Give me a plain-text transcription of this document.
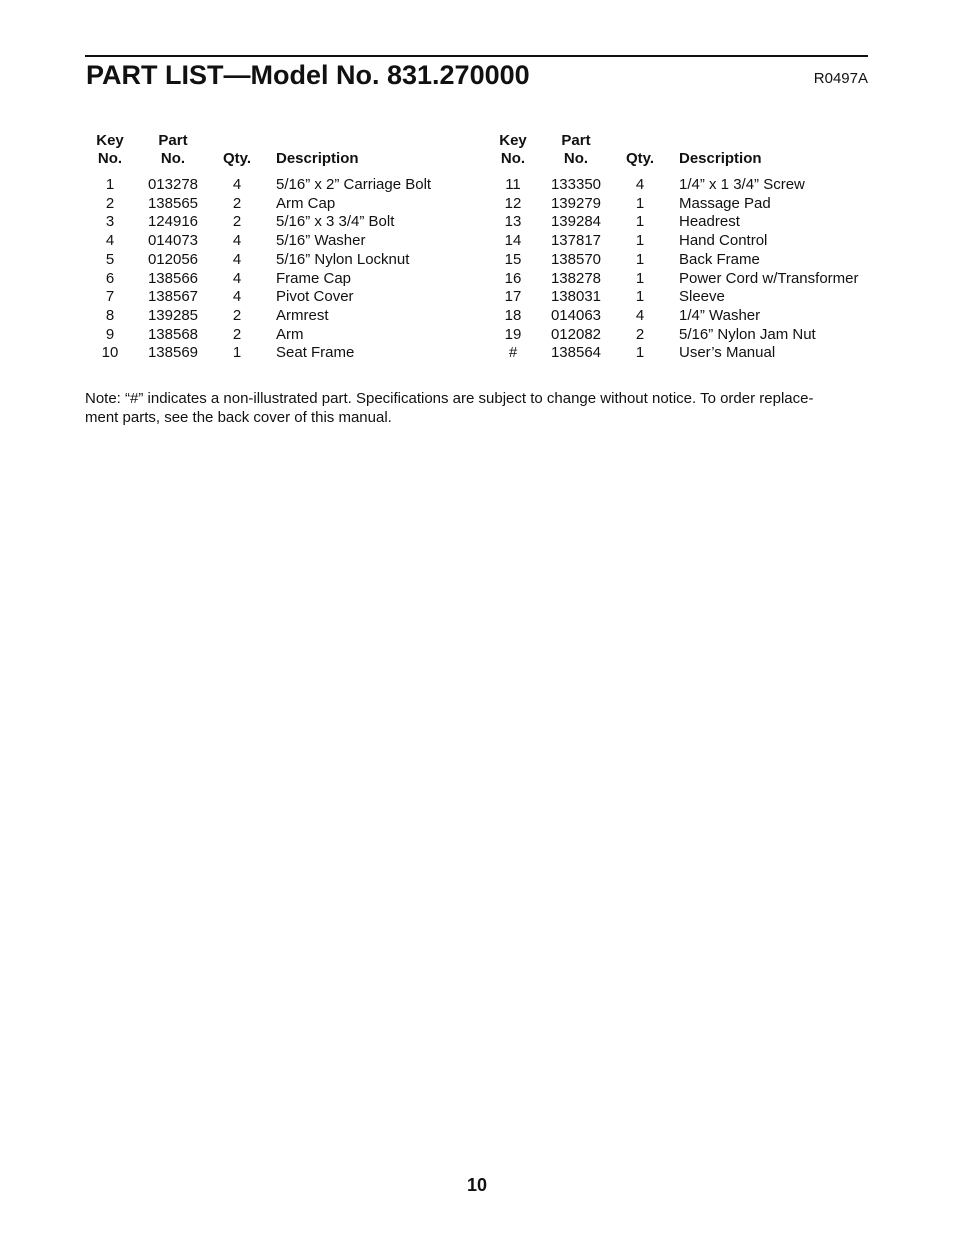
PART LIST—Model No. 831.270000	R0497A
Key
No.	Part
No.	Qty.	Description
1	013278	4	5/16” x 2” Carriage Bolt
2	138565	2	Arm Cap
3	124916	2	5/16” x 3 3/4” Bolt
4	014073	4	5/16” Washer
5	012056	4	5/16” Nylon Locknut
6	138566	4	Frame Cap
7	138567	4	Pivot Cover
8	139285	2	Armrest
9	138568	2	Arm
10	138569	1	Seat Frame
Key
No.	Part
No.	Qty.	Description
11	133350	4	1/4” x 1 3/4” Screw
12	139279	1	Massage Pad
13	139284	1	Headrest
14	137817	1	Hand Control
15	138570	1	Back Frame
16	138278	1	Power Cord w/Transformer
17	138031	1	Sleeve
18	014063	4	1/4” Washer
19	012082	2	5/16” Nylon Jam Nut
#	138564	1	User’s Manual
Note: “#” indicates a non-illustrated part. Specifications are subject to change without notice. To order replace-
ment parts, see the back cover of this manual.
10
